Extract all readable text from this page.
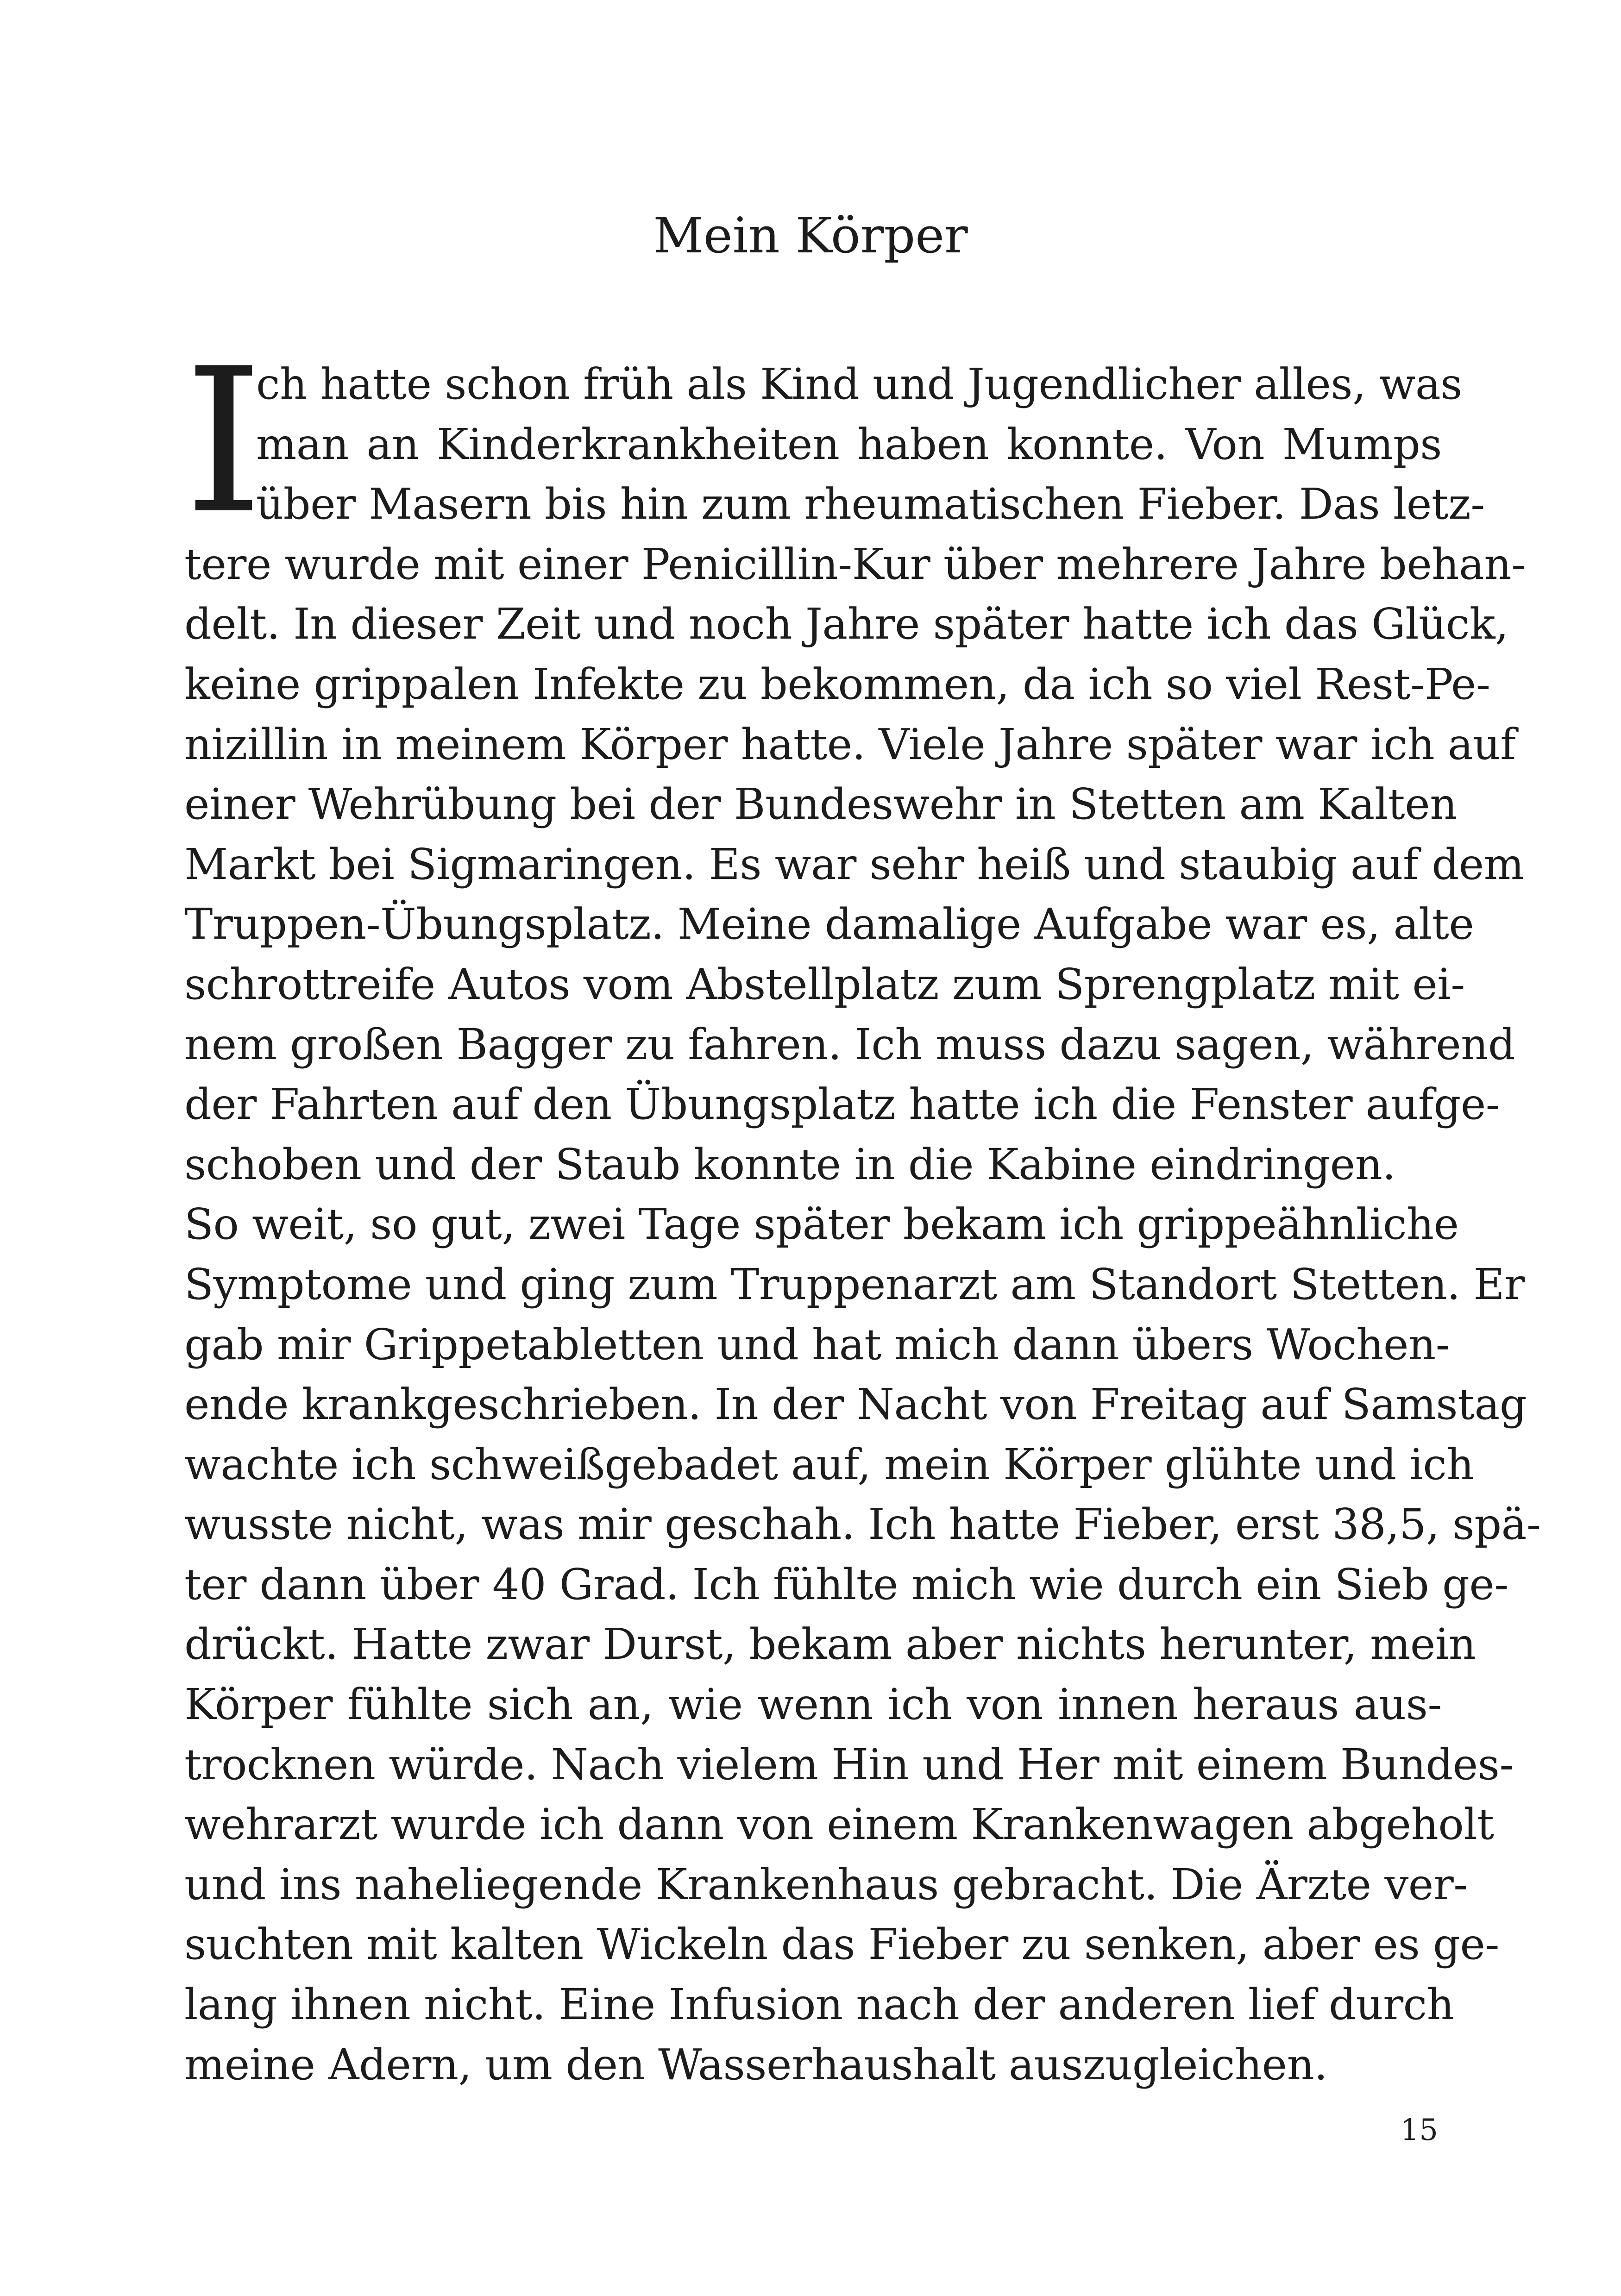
Mein Körper
I
ch hatte schon früh als Kind und Jugendlicher alles, was
man an Kinderkrankheiten haben konnte. Von Mumps
über Masern bis hin zum rheumatischen Fieber. Das letz-
tere wurde mit einer Penicillin-Kur über mehrere Jahre behan-
delt. In dieser Zeit und noch Jahre später hatte ich das Glück,
keine grippalen Infekte zu bekommen, da ich so viel Rest-Pe-
nizillin in meinem Körper hatte. Viele Jahre später war ich auf
einer Wehrübung bei der Bundeswehr in Stetten am Kalten
Markt bei Sigmaringen. Es war sehr heiß und staubig auf dem
Truppen-Übungsplatz. Meine damalige Aufgabe war es, alte
schrottreife Autos vom Abstellplatz zum Sprengplatz mit ei-
nem großen Bagger zu fahren. Ich muss dazu sagen, während
der Fahrten auf den Übungsplatz hatte ich die Fenster aufge-
schoben und der Staub konnte in die Kabine eindringen.
So weit, so gut, zwei Tage später bekam ich grippeähnliche
Symptome und ging zum Truppenarzt am Standort Stetten. Er
gab mir Grippetabletten und hat mich dann übers Wochen-
ende krankgeschrieben. In der Nacht von Freitag auf Samstag
wachte ich schweißgebadet auf, mein Körper glühte und ich
wusste nicht, was mir geschah. Ich hatte Fieber, erst 38,5, spä-
ter dann über 40 Grad. Ich fühlte mich wie durch ein Sieb ge-
drückt. Hatte zwar Durst, bekam aber nichts herunter, mein
Körper fühlte sich an, wie wenn ich von innen heraus aus-
trocknen würde. Nach vielem Hin und Her mit einem Bundes-
wehrarzt wurde ich dann von einem Krankenwagen abgeholt
und ins naheliegende Krankenhaus gebracht. Die Ärzte ver-
suchten mit kalten Wickeln das Fieber zu senken, aber es ge-
lang ihnen nicht. Eine Infusion nach der anderen lief durch
meine Adern, um den Wasserhaushalt auszugleichen.
15
